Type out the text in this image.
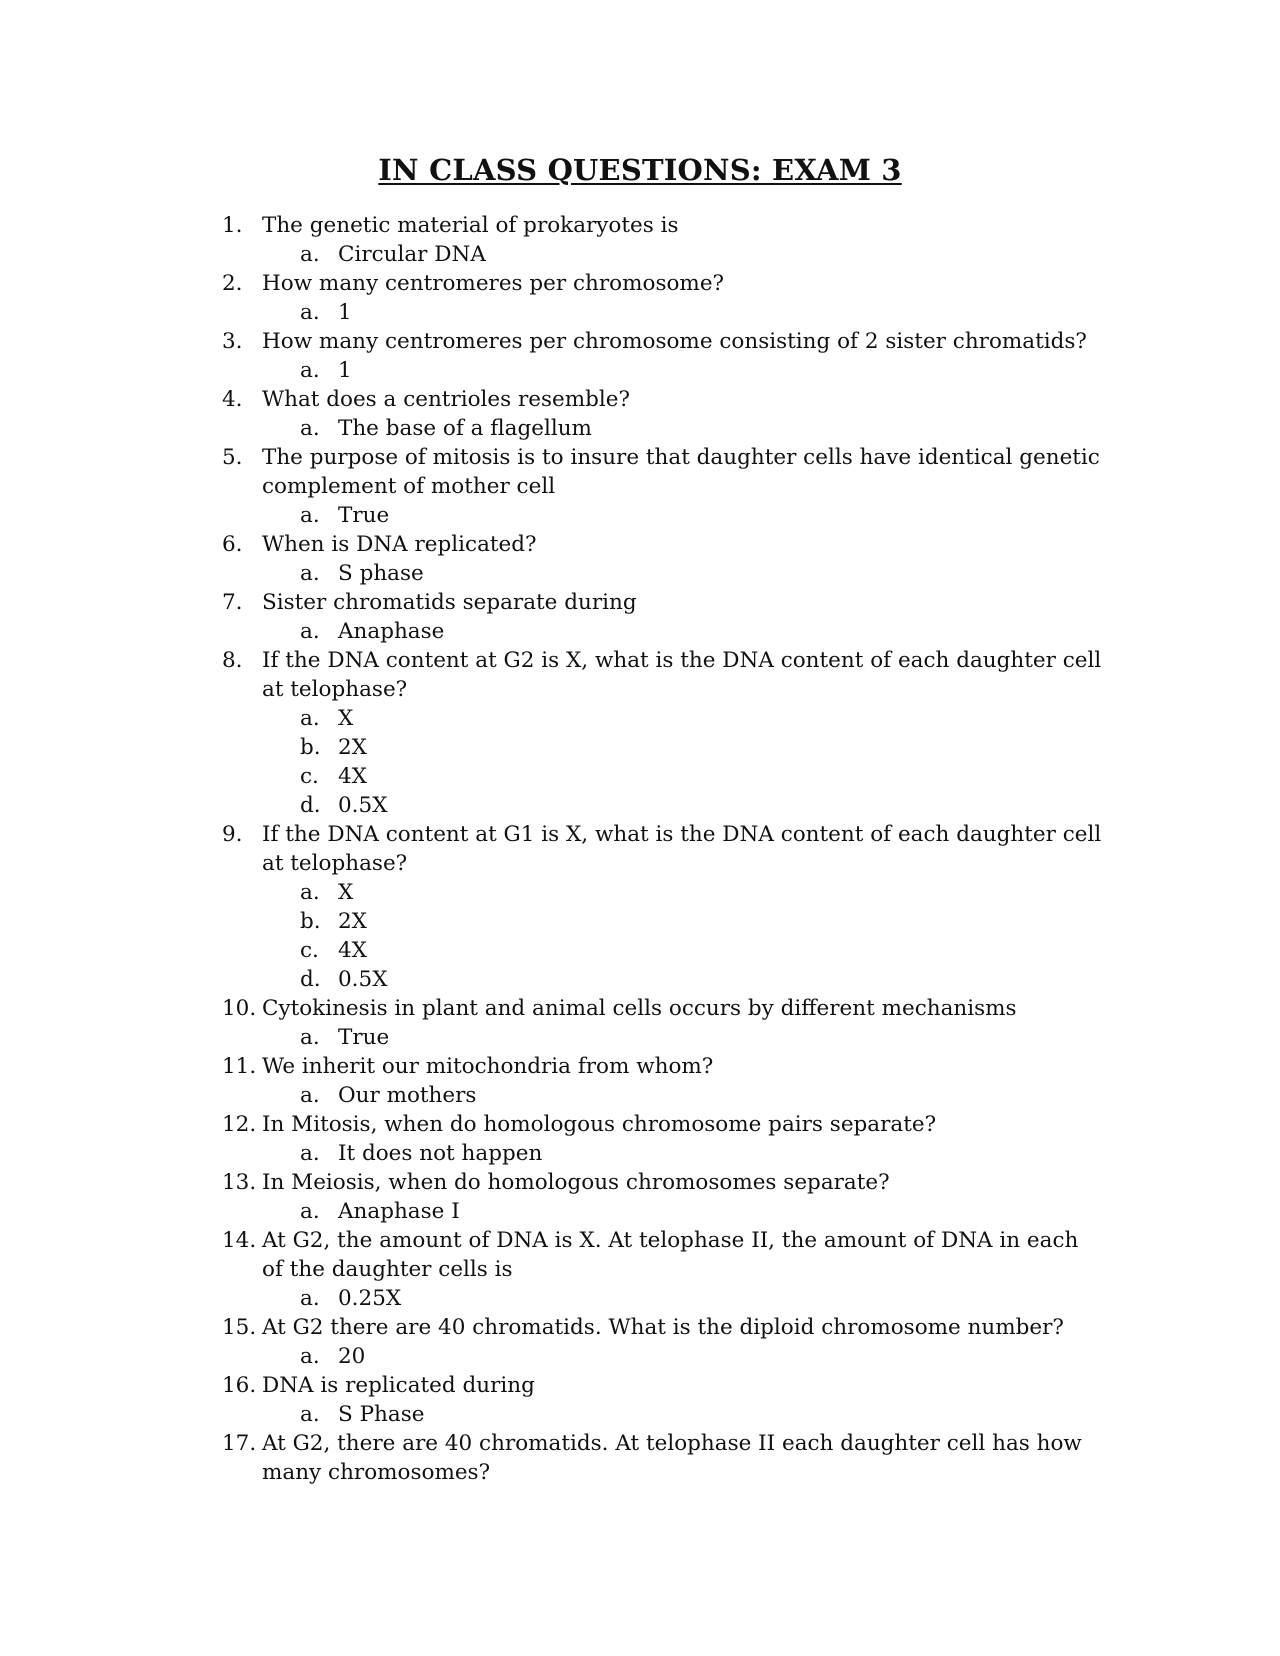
IN CLASS QUESTIONS: EXAM 3
1. The genetic material of prokaryotes is
a. Circular DNA
2. How many centromeres per chromosome?
a. 1
3. How many centromeres per chromosome consisting of 2 sister chromatids?
a. 1
4. What does a centrioles resemble?
a. The base of a flagellum
5. The purpose of mitosis is to insure that daughter cells have identical genetic complement of mother cell
a. True
6. When is DNA replicated?
a. S phase
7. Sister chromatids separate during
a. Anaphase
8. If the DNA content at G2 is X, what is the DNA content of each daughter cell at telophase?
a. X
b. 2X
c. 4X
d. 0.5X
9. If the DNA content at G1 is X, what is the DNA content of each daughter cell at telophase?
a. X
b. 2X
c. 4X
d. 0.5X
10. Cytokinesis in plant and animal cells occurs by different mechanisms
a. True
11. We inherit our mitochondria from whom?
a. Our mothers
12. In Mitosis, when do homologous chromosome pairs separate?
a. It does not happen
13. In Meiosis, when do homologous chromosomes separate?
a. Anaphase I
14. At G2, the amount of DNA is X. At telophase II, the amount of DNA in each of the daughter cells is
a. 0.25X
15. At G2 there are 40 chromatids. What is the diploid chromosome number?
a. 20
16. DNA is replicated during
a. S Phase
17. At G2, there are 40 chromatids. At telophase II each daughter cell has how many chromosomes?
